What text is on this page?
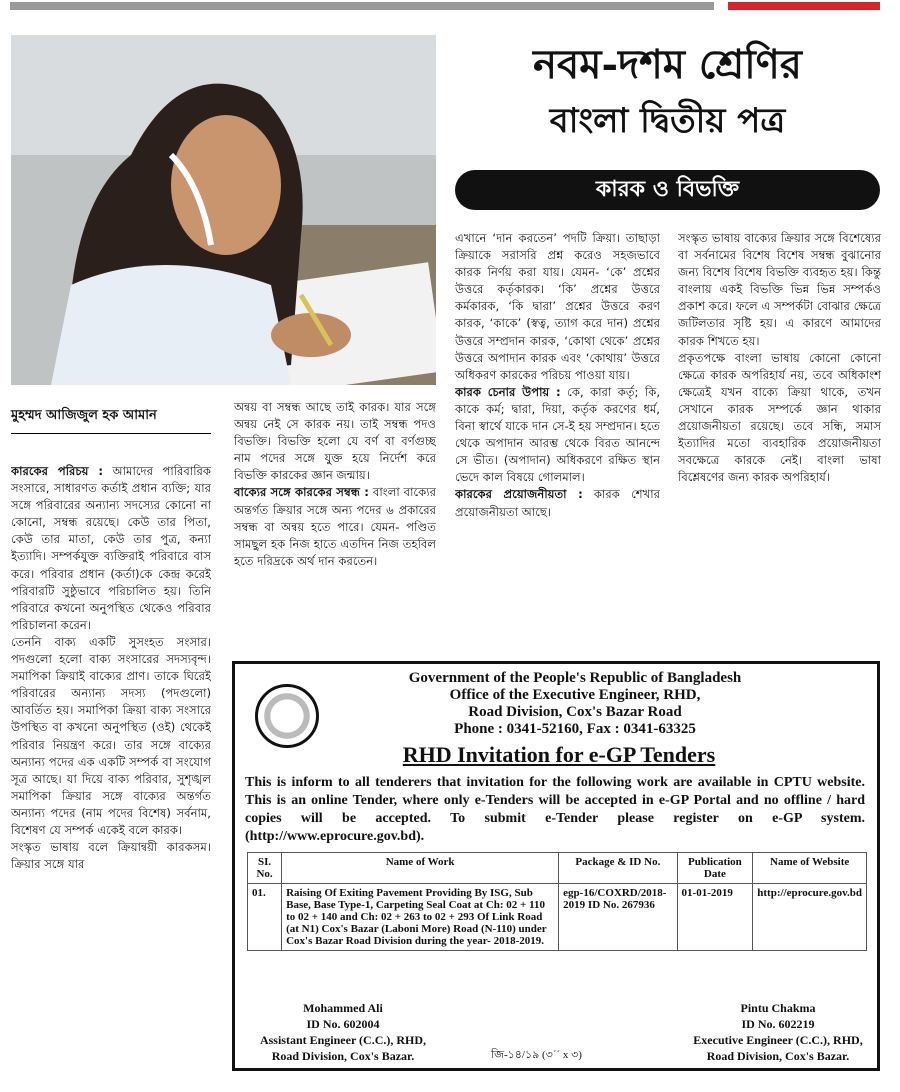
নবম-দশম শ্রেণির
বাংলা দ্বিতীয় পত্র
কারক ও বিভক্তি
মুহম্মদ আজিজুল হক আমান

কারকের পরিচয় : আমাদের পারিবারিক সংসারে, সাধারণত কর্তাই প্রধান ব্যক্তি; যার সঙ্গে পরিবারের অন্যান্য সদস্যের কোনো না কোনো, সম্বন্ধ রয়েছে। কেউ তার পিতা, কেউ তার মাতা, কেউ তার পুত্র, কন্যা ইত্যাদি। সম্পর্কযুক্ত ব্যক্তিরাই পরিবারে বাস করে। পরিবার প্রধান (কর্তা)কে কেন্দ্র করেই পরিবারটি সুষ্ঠুভাবে পরিচালিত হয়। তিনি পরিবারে কখনো অনুপস্থিত থেকেও পরিবার পরিচালনা করেন।

তেননি বাক্য একটি সুসংহত সংসার। পদগুলো হলো বাক্য সংসারের সদস্যবৃন্দ। সমাপিকা ক্রিয়াই বাক্যের প্রাণ। তাকে ঘিরেই পরিবারের অন্যান্য সদস্য (পদগুলো) আবর্তিত হয়। সমাপিকা ক্রিয়া বাক্য সংসারে উপস্থিত বা কখনো অনুপস্থিত (ওই) থেকেই পরিবার নিয়ন্ত্রণ করে। তার সঙ্গে বাক্যের অন্যান্য পদের এক একটি সম্পর্ক বা সংযোগ সূত্র আছে। যা দিয়ে বাক্য পরিবার, সুশৃঙ্খল সমাপিকা ক্রিয়ার সঙ্গে বাক্যের অন্তর্গত অন্যান্য পদের (নাম পদের বিশেষ) সর্বনাম, বিশেষণ যে সম্পর্ক একেই বলে কারক।

সংস্কৃত ভাষায় বলে ক্রিয়ান্বয়ী কারকসম। ক্রিয়ার সঙ্গে যার

অন্বয় বা সম্বন্ধ আছে তাই কারক। যার সঙ্গে অন্বয় নেই সে কারক নয়। তাই সম্বন্ধ পদও বিভক্তি। বিভক্তি হলো যে বর্ণ বা বর্ণগুচ্ছ নাম পদের সঙ্গে যুক্ত হয়ে নির্দেশ করে বিভক্তি কারকের জ্ঞান জন্মায়।

বাক্যের সঙ্গে কারকের সম্বন্ধ : বাংলা বাক্যের অন্তর্গত ক্রিয়ার সঙ্গে অন্য পদের ৬ প্রকারের সম্বন্ধ বা অন্বয় হতে পারে। যেমন- পণ্ডিত সামছুল হক নিজ হাতে এতদিন নিজ তহবিল হতে দরিদ্রকে অর্থ দান করতেন।

এখানে ‘দান করতেন’ পদটি ক্রিয়া। তাছাড়া ক্রিয়াকে সরাসরি প্রশ্ন করেও সহজভাবে কারক নির্ণয় করা যায়। যেমন- ‘কে’ প্রশ্নের উত্তরে কর্তৃকারক। ‘কি’ প্রশ্নের উত্তরে কর্মকারক, ‘কি দ্বারা’ প্রশ্নের উত্তরে করণ কারক, ‘কাকে’ (স্বত্ব, ত্যাগ করে দান) প্রশ্নের উত্তরে সম্প্রদান কারক, ‘কোথা থেকে’ প্রশ্নের উত্তরে অপাদান কারক এবং ‘কোথায়’ উত্তরে অধিকরণ কারকের পরিচয় পাওয়া যায়।

কারক চেনার উপায় : কে, কারা কর্তৃ; কি, কাকে কর্ম; দ্বারা, দিয়া, কর্তৃক করণের ধর্ম, বিনা স্বার্থে যাকে দান সে-ই হয় সম্প্রদান। হতে থেকে অপাদান আরম্ভ থেকে বিরত আনন্দে সে ভীত। (অপাদান) অধিকরণে রক্ষিত স্থান ভেদে কাল বিষয়ে গোলমাল।

কারকের প্রয়োজনীয়তা : কারক শেখার প্রয়োজনীয়তা আছে।

সংস্কৃত ভাষায় বাক্যের ক্রিয়ার সঙ্গে বিশেষ্যের বা সর্বনামের বিশেষ বিশেষ সম্বন্ধ বুঝানোর জন্য বিশেষ বিশেষ বিভক্তি ব্যবহৃত হয়। কিন্তু বাংলায় একই বিভক্তি ভিন্ন ভিন্ন সম্পর্কও প্রকাশ করে। ফলে এ সম্পর্কটা বোঝার ক্ষেত্রে জটিলতার সৃষ্টি হয়। এ কারণে আমাদের কারক শিখতে হয়।

প্রকৃতপক্ষে বাংলা ভাষায় কোনো কোনো ক্ষেত্রে কারক অপরিহার্য নয়, তবে অধিকাংশ ক্ষেত্রেই যখন বাক্যে ক্রিয়া থাকে, তখন সেখানে কারক সম্পর্কে জ্ঞান থাকার প্রয়োজনীয়তা রয়েছে। তবে সন্ধি, সমাস ইত্যাদির মতো ব্যবহারিক প্রয়োজনীয়তা সবক্ষেত্রে কারকে নেই। বাংলা ভাষা বিশ্লেষণের জন্য কারক অপরিহার্য।

Government of the People's Republic of Bangladesh
Office of the Executive Engineer, RHD,
Road Division, Cox's Bazar Road
Phone : 0341-52160, Fax : 0341-63325
RHD Invitation for e-GP Tenders
This is inform to all tenderers that invitation for the following work are available in CPTU website. This is an online Tender, where only e-Tenders will be accepted in e-GP Portal and no offline / hard copies will be accepted. To submit e-Tender please register on e-GP system. (http://www.eprocure.gov.bd).
SI. No.	Name of Work	Package & ID No.	Publication Date	Name of Website
01.	Raising Of Exiting Pavement Providing By ISG, Sub Base, Base Type-1, Carpeting Seal Coat at Ch: 02 + 110 to 02 + 140 and Ch: 02 + 263 to 02 + 293 Of Link Road (at N1) Cox's Bazar (Laboni More) Road (N-110) under Cox's Bazar Road Division during the year- 2018-2019.	egp-16/COXRD/2018-2019 ID No. 267936	01-01-2019	http://eprocure.gov.bd
Mohammed Ali
ID No. 602004
Assistant Engineer (C.C.), RHD,
Road Division, Cox's Bazar.	জি-১৪/১৯ (৩´´ x ৩)
Pintu Chakma
ID No. 602219
Executive Engineer (C.C.), RHD,
Road Division, Cox's Bazar.
